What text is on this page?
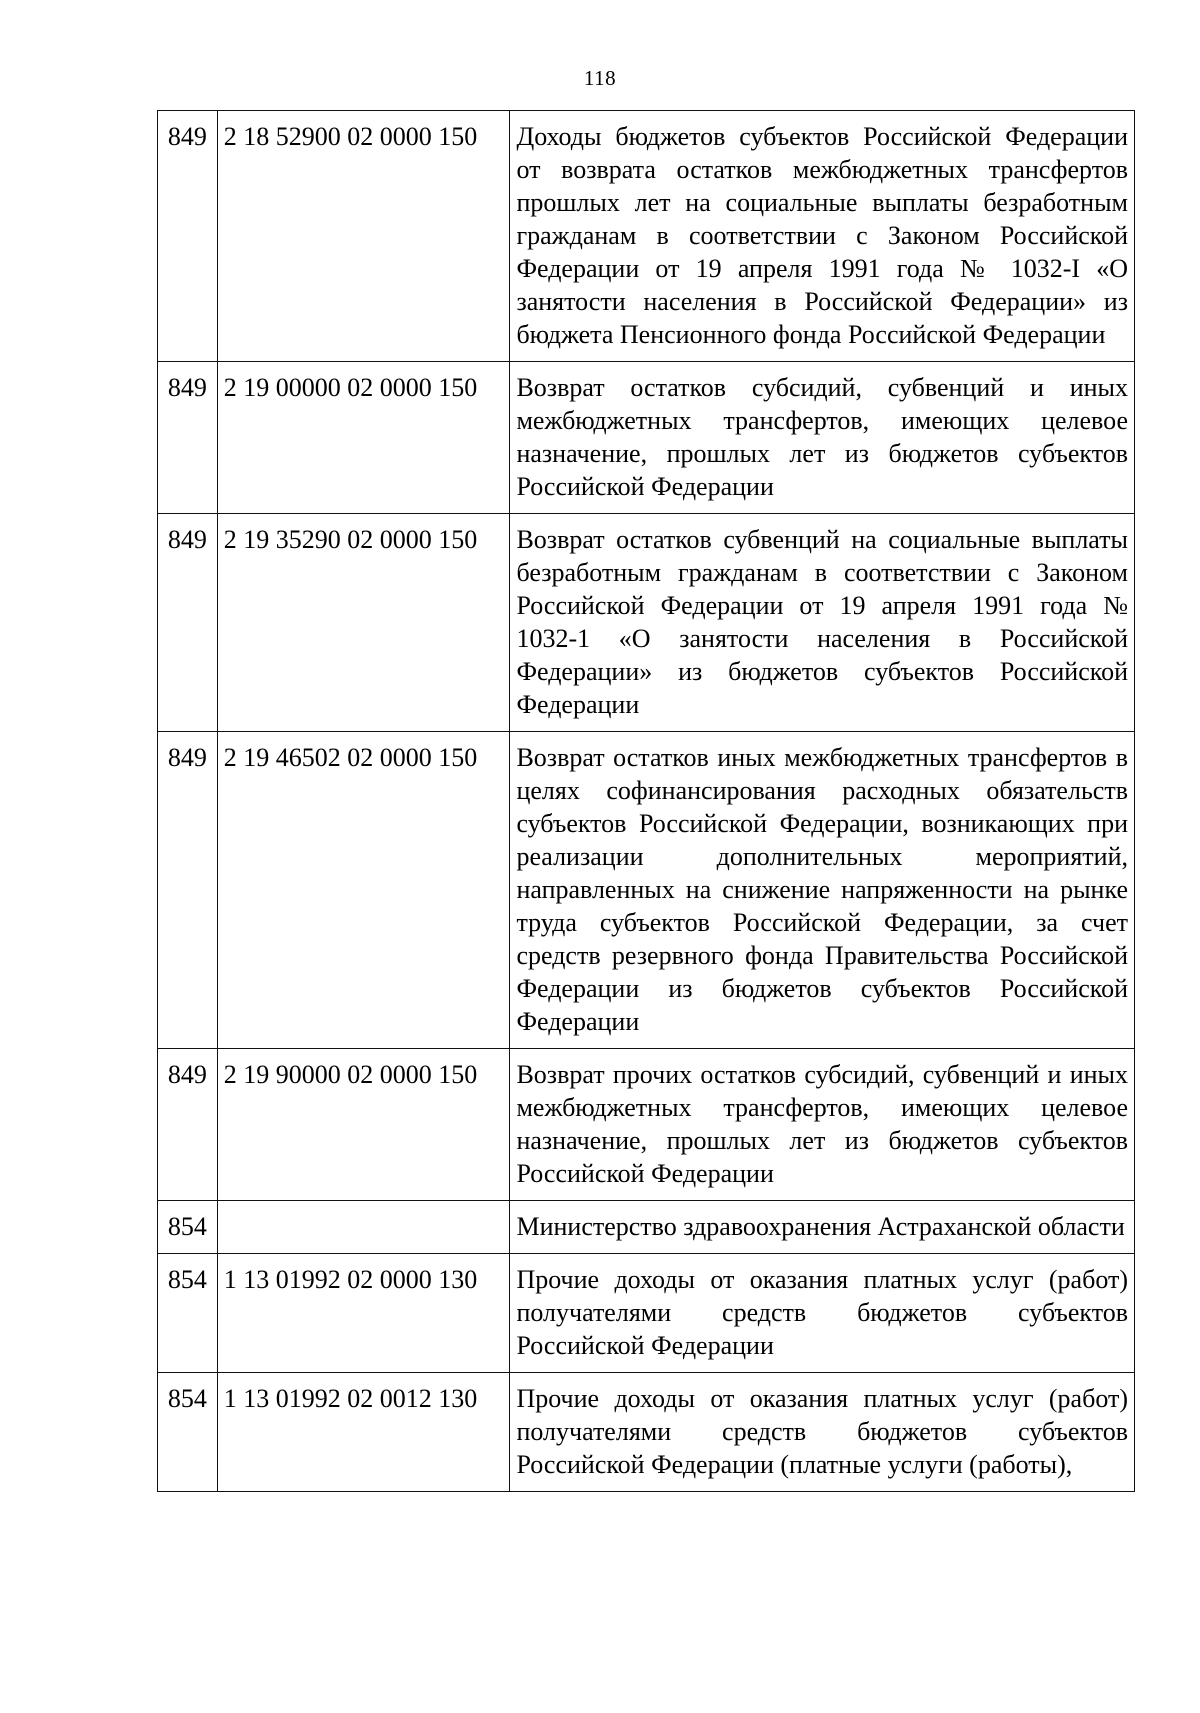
118
849	2 18 52900 02 0000 150	Доходы бюджетов субъектов Российской Федерации от возврата остатков межбюджетных трансфертов прошлых лет на социальные выплаты безработным гражданам в соответствии с Законом Российской Федерации от 19 апреля 1991 года № 1032-I «О занятости населения в Российской Федерации» из бюджета Пенсионного фонда Российской Федерации
849	2 19 00000 02 0000 150	Возврат остатков субсидий, субвенций и иных межбюджетных трансфертов, имеющих целевое назначение, прошлых лет из бюджетов субъектов Российской Федерации
849	2 19 35290 02 0000 150	Возврат остатков субвенций на социальные выплаты безработным гражданам в соответствии с Законом Российской Федерации от 19 апреля 1991 года № 1032-1 «О занятости населения в Российской Федерации» из бюджетов субъектов Российской Федерации
849	2 19 46502 02 0000 150	Возврат остатков иных межбюджетных трансфертов в целях софинансирования расходных обязательств субъектов Российской Федерации, возникающих при реализации дополнительных мероприятий, направленных на снижение напряженности на рынке труда субъектов Российской Федерации, за счет средств резервного фонда Правительства Российской Федерации из бюджетов субъектов Российской Федерации
849	2 19 90000 02 0000 150	Возврат прочих остатков субсидий, субвенций и иных межбюджетных трансфертов, имеющих целевое назначение, прошлых лет из бюджетов субъектов Российской Федерации
854		Министерство здравоохранения Астраханской области
854	1 13 01992 02 0000 130	Прочие доходы от оказания платных услуг (работ) получателями средств бюджетов субъектов Российской Федерации
854	1 13 01992 02 0012 130	Прочие доходы от оказания платных услуг (работ) получателями средств бюджетов субъектов Российской Федерации (платные услуги (работы),
